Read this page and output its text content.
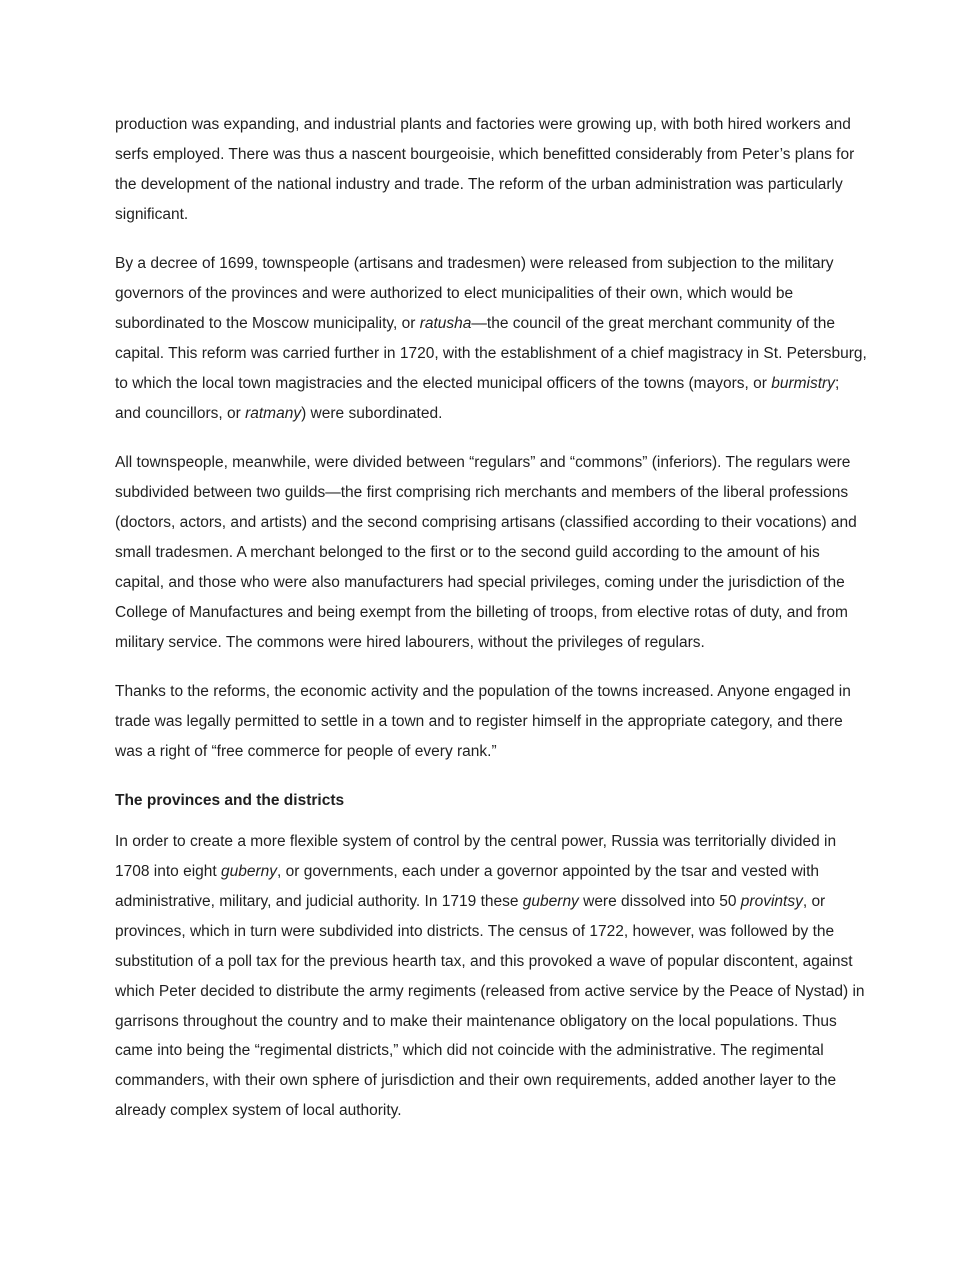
production was expanding, and industrial plants and factories were growing up, with both hired workers and serfs employed. There was thus a nascent bourgeoisie, which benefitted considerably from Peter’s plans for the development of the national industry and trade. The reform of the urban administration was particularly significant.

By a decree of 1699, townspeople (artisans and tradesmen) were released from subjection to the military governors of the provinces and were authorized to elect municipalities of their own, which would be subordinated to the Moscow municipality, or ratusha—the council of the great merchant community of the capital. This reform was carried further in 1720, with the establishment of a chief magistracy in St. Petersburg, to which the local town magistracies and the elected municipal officers of the towns (mayors, or burmistry; and councillors, or ratmany) were subordinated.

All townspeople, meanwhile, were divided between “regulars” and “commons” (inferiors). The regulars were subdivided between two guilds—the first comprising rich merchants and members of the liberal professions (doctors, actors, and artists) and the second comprising artisans (classified according to their vocations) and small tradesmen. A merchant belonged to the first or to the second guild according to the amount of his capital, and those who were also manufacturers had special privileges, coming under the jurisdiction of the College of Manufactures and being exempt from the billeting of troops, from elective rotas of duty, and from military service. The commons were hired labourers, without the privileges of regulars.

Thanks to the reforms, the economic activity and the population of the towns increased. Anyone engaged in trade was legally permitted to settle in a town and to register himself in the appropriate category, and there was a right of “free commerce for people of every rank.”

The provinces and the districts

In order to create a more flexible system of control by the central power, Russia was territorially divided in 1708 into eight guberny, or governments, each under a governor appointed by the tsar and vested with administrative, military, and judicial authority. In 1719 these guberny were dissolved into 50 provintsy, or provinces, which in turn were subdivided into districts. The census of 1722, however, was followed by the substitution of a poll tax for the previous hearth tax, and this provoked a wave of popular discontent, against which Peter decided to distribute the army regiments (released from active service by the Peace of Nystad) in garrisons throughout the country and to make their maintenance obligatory on the local populations. Thus came into being the “regimental districts,” which did not coincide with the administrative. The regimental commanders, with their own sphere of jurisdiction and their own requirements, added another layer to the already complex system of local authority.
